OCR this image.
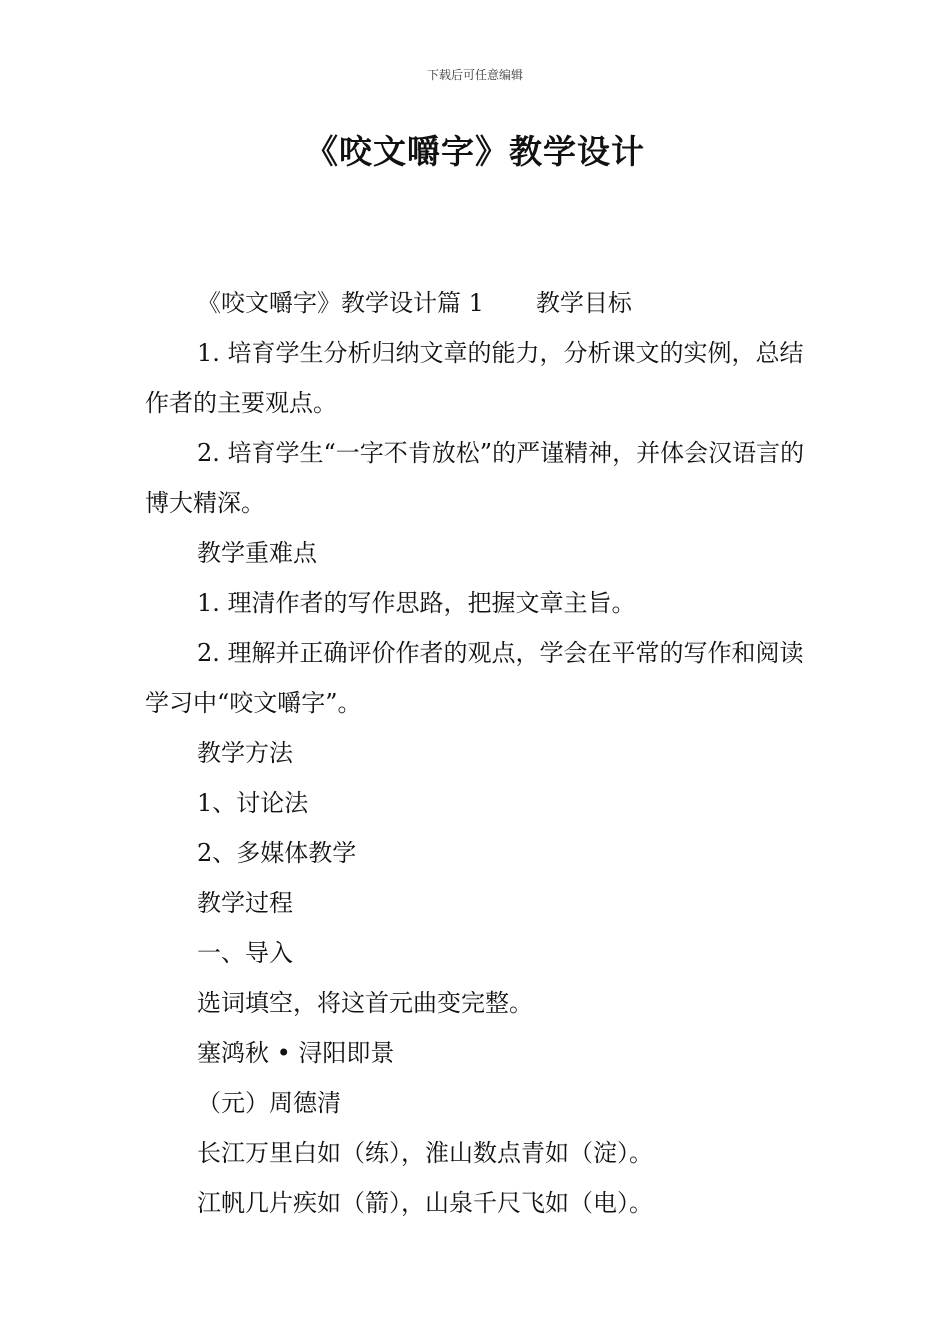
下载后可任意编辑
《咬文嚼字》教学设计

《咬文嚼字》教学设计篇 1 教学目标

1. 培育学生分析归纳文章的能力，分析课文的实例，总结作者的主要观点。

2. 培育学生“一字不肯放松”的严谨精神，并体会汉语言的博大精深。

教学重难点

1. 理清作者的写作思路，把握文章主旨。

2. 理解并正确评价作者的观点，学会在平常的写作和阅读学习中“咬文嚼字”。

教学方法

1、讨论法

2、多媒体教学

教学过程

一、导入

选词填空，将这首元曲变完整。

塞鸿秋 • 浔阳即景

（元）周德清

长江万里白如（练），淮山数点青如（淀）。

江帆几片疾如（箭），山泉千尺飞如（电）。
